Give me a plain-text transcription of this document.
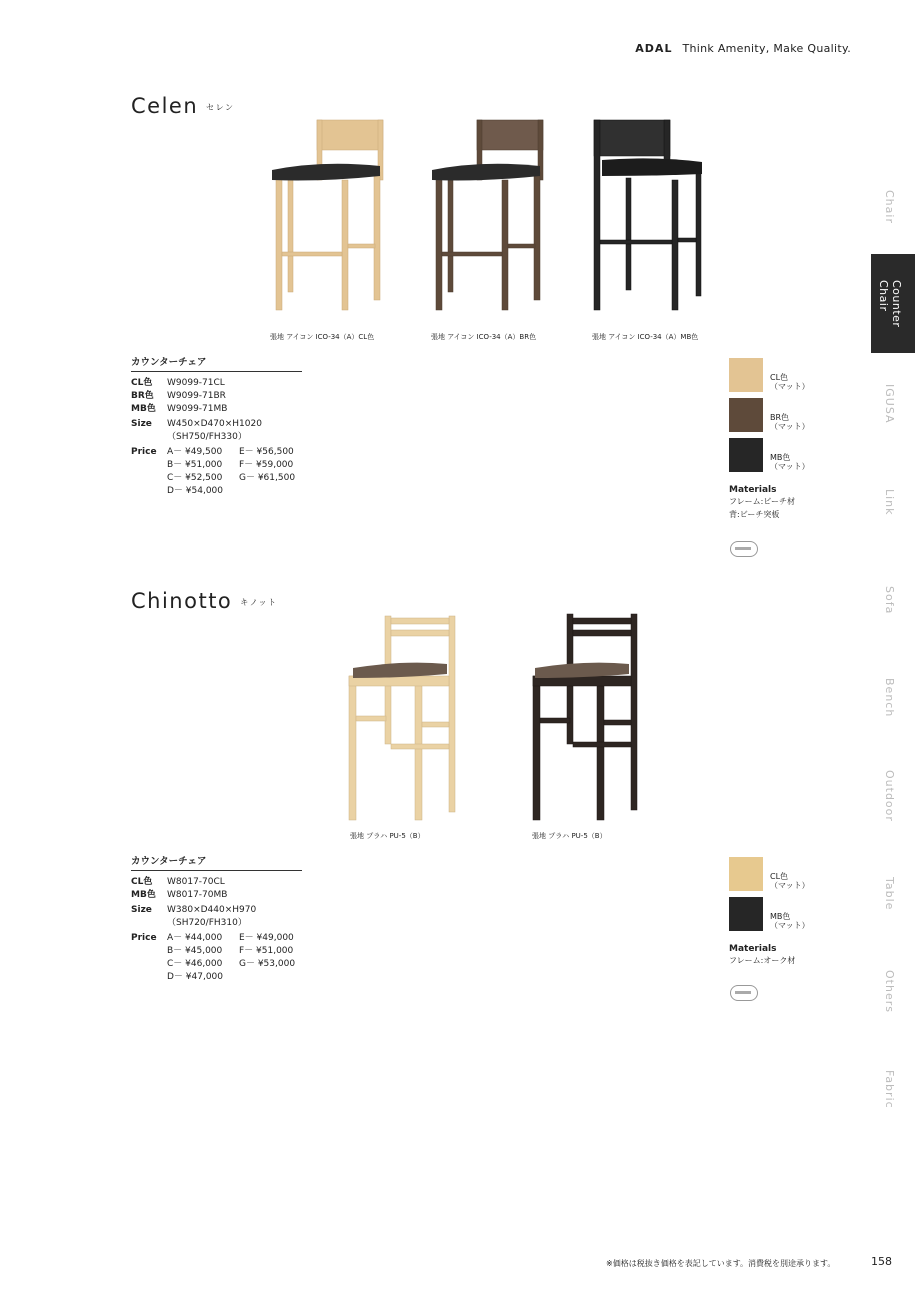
ADAL Think Amenity, Make Quality.
Chair
Counter
Chair
IGUSA
Link
Sofa
Bench
Outdoor
Table
Others
Fabric
Celen セレン
張地 アイコン ICO-34（A）CL色	張地 アイコン ICO-34（A）BR色	張地 アイコン ICO-34（A）MB色
カウンターチェア
CL色	W9099-71CL
BR色	W9099-71BR
MB色	W9099-71MB
Size	W450×D470×H1020
（SH750/FH330）
Price	A－ ¥49,500	E－ ¥56,500
B－ ¥51,000	F－ ¥59,000
C－ ¥52,500	G－ ¥61,500
D－ ¥54,000
CL色
（マット）
BR色
（マット）
MB色
（マット）
Materials
フレーム:ビーチ材
背:ビーチ突板
Chinotto キノット
張地 プラハ PU-5（B）	張地 プラハ PU-5（B）
カウンターチェア
CL色	W8017-70CL
MB色	W8017-70MB
Size	W380×D440×H970
（SH720/FH310）
Price	A－ ¥44,000	E－ ¥49,000
B－ ¥45,000	F－ ¥51,000
C－ ¥46,000	G－ ¥53,000
D－ ¥47,000
CL色
（マット）
MB色
（マット）
Materials
フレーム:オーク材
※価格は税抜き価格を表記しています。消費税を別途承ります。	158
